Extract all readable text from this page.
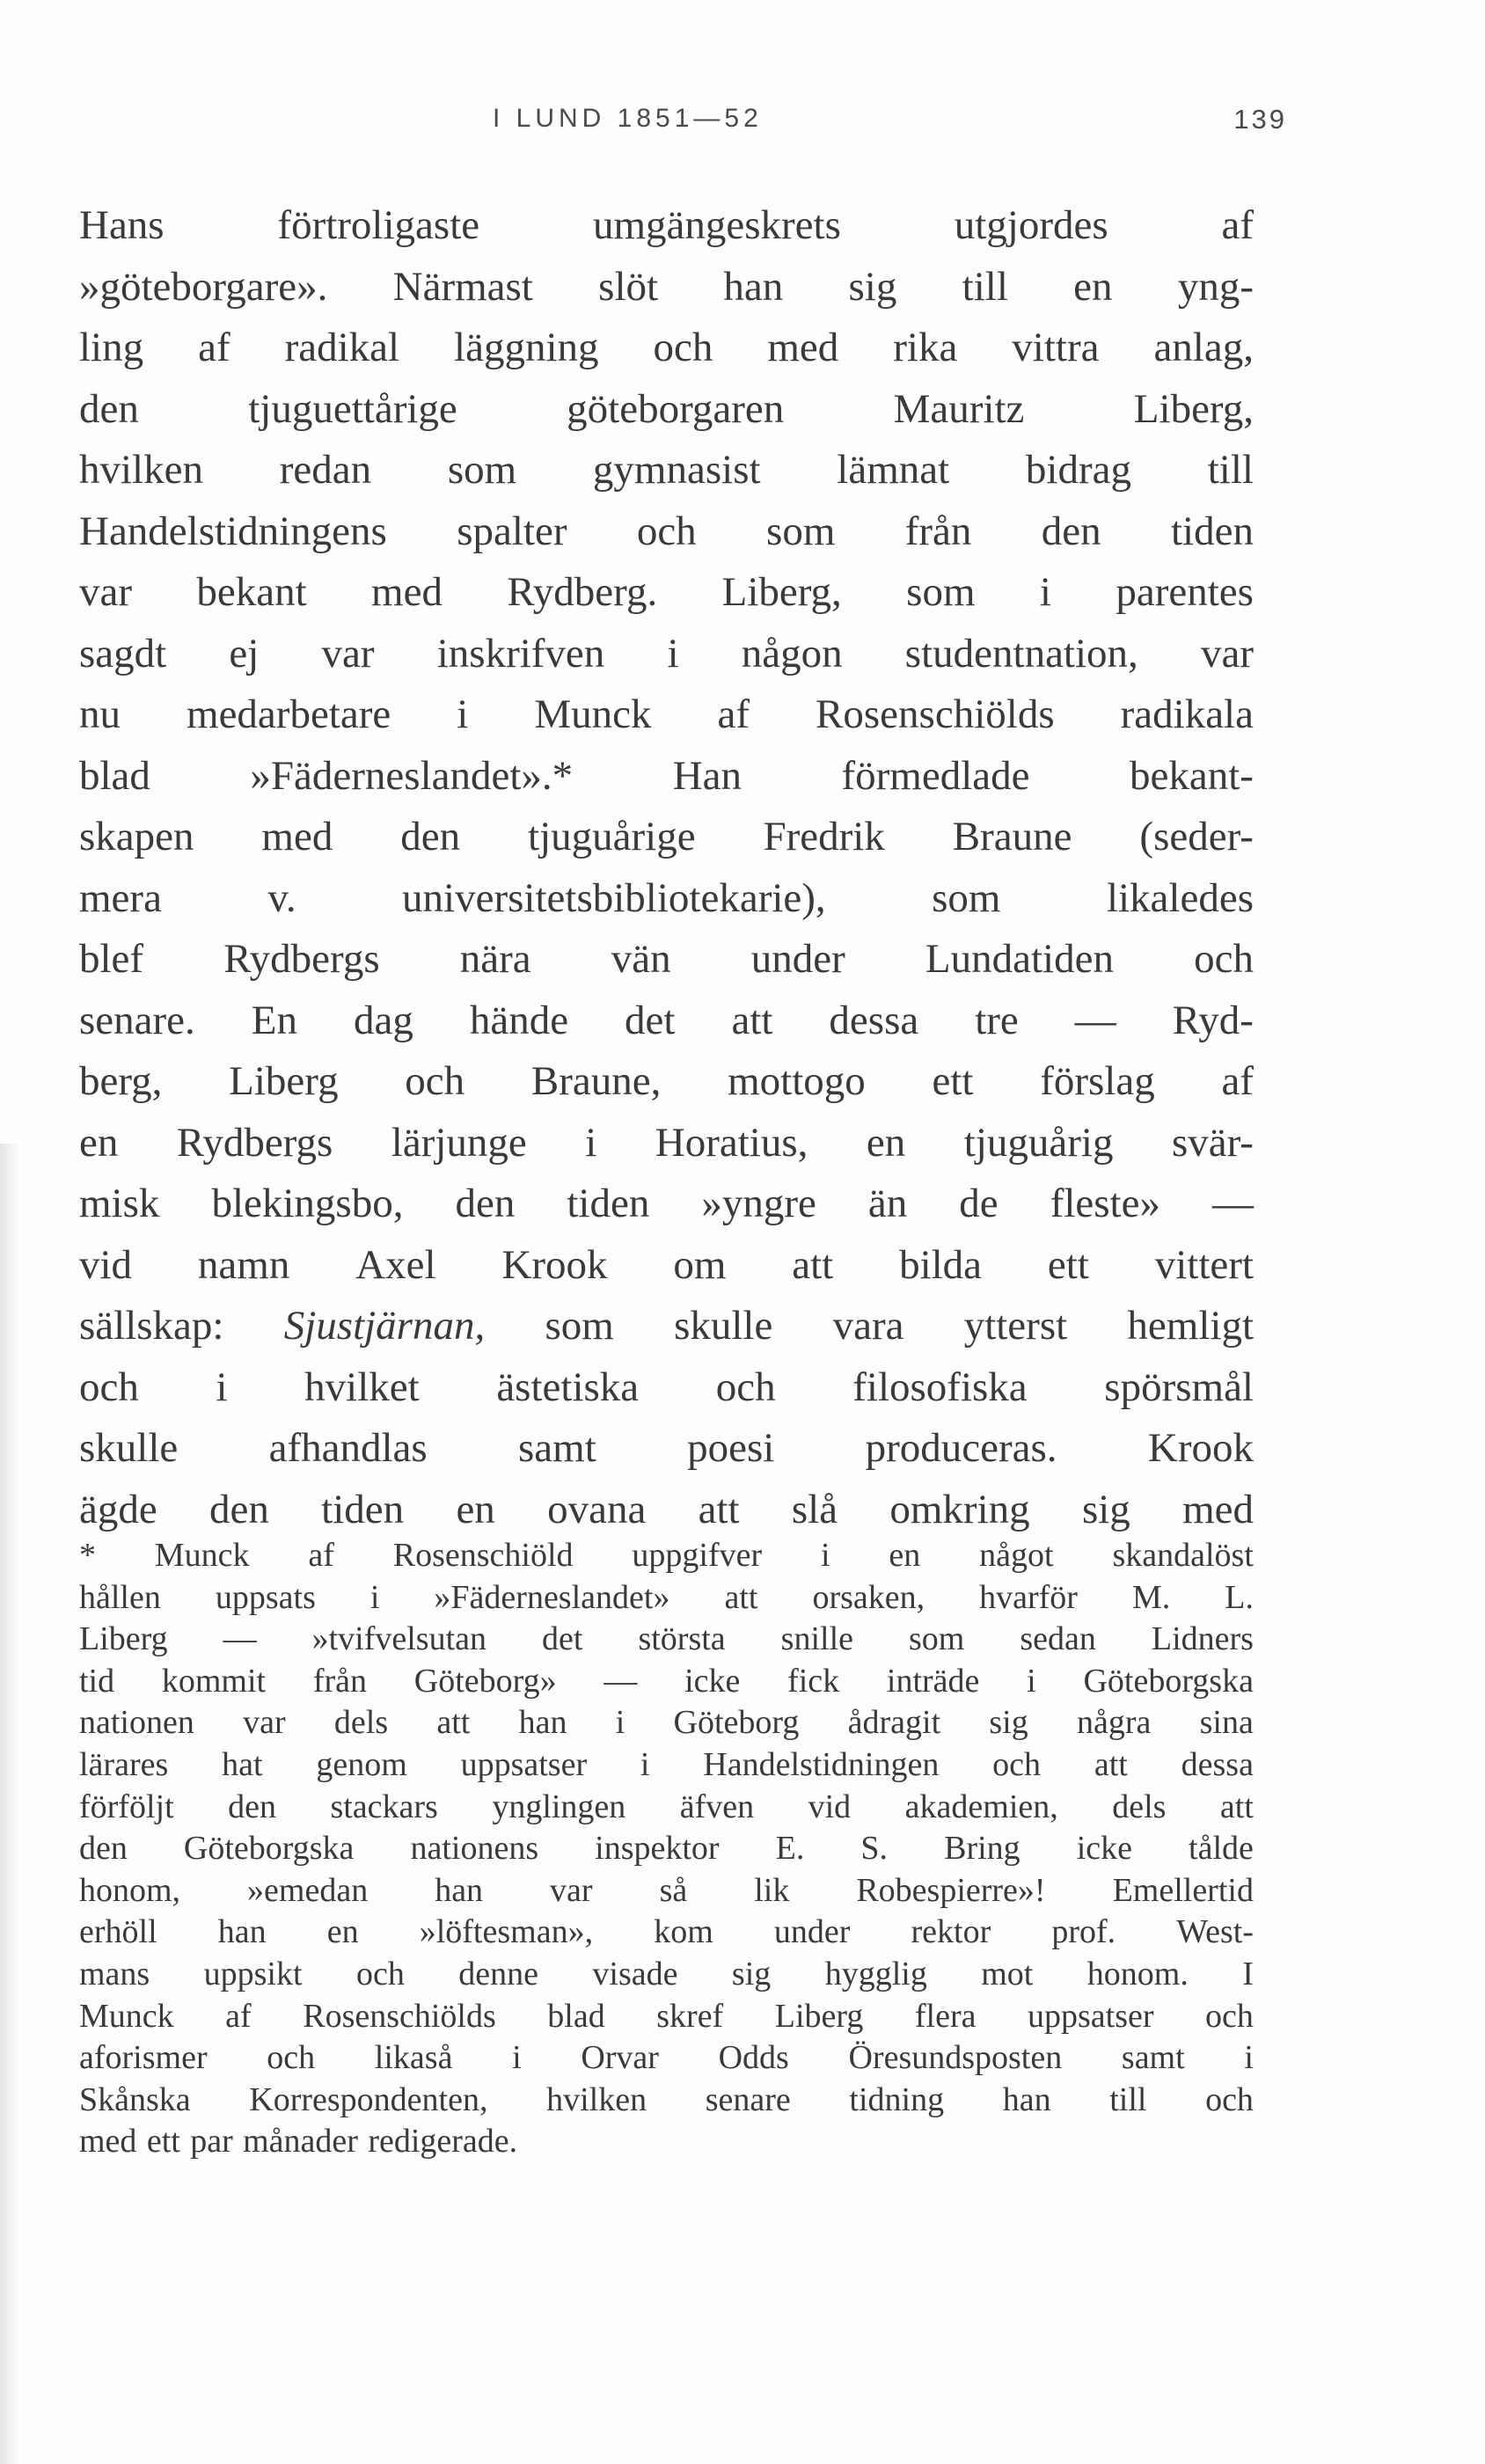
I LUND 1851—52	139
Hans	förtroligaste	umgängeskrets	utgjordes	af
»göteborgare». Närmast slöt han sig till en yng-
ling af radikal läggning och med rika vittra anlag,
den	tjuguettårige	göteborgaren	Mauritz	Liberg,
hvilken redan som gymnasist lämnat bidrag till
Handelstidningens spalter och som från den tiden
var bekant med Rydberg. Liberg, som i parentes
sagdt ej var inskrifven i någon studentnation, var
nu medarbetare i Munck af Rosenschiölds radikala
blad »Fäderneslandet».* Han förmedlade bekant-
skapen med den tjuguårige Fredrik Braune (seder-
mera	v.	universitetsbibliotekarie),	som	likaledes
blef Rydbergs nära vän under Lundatiden och
senare. En dag hände det att dessa tre — Ryd-
berg, Liberg och Braune, mottogo ett förslag af
en Rydbergs lärjunge i Horatius, en tjuguårig svär-
misk blekingsbo, den tiden »yngre än de fleste» —
vid namn Axel Krook om att bilda ett vittert
sällskap: Sjustjärnan, som skulle vara ytterst hemligt
och i hvilket ästetiska och filosofiska spörsmål
skulle afhandlas samt poesi produceras. Krook
ägde den tiden en ovana att slå omkring sig med
* Munck af Rosenschiöld uppgifver i en något skandalöst
hållen uppsats i »Fäderneslandet» att orsaken, hvarför M. L.
Liberg — »tvifvelsutan det största snille som sedan Lidners
tid kommit från Göteborg» — icke fick inträde i Göteborgska
nationen var dels att han i Göteborg ådragit sig några sina
lärares hat genom uppsatser i Handelstidningen och att dessa
förföljt den stackars ynglingen äfven vid akademien, dels att
den Göteborgska nationens inspektor E. S. Bring icke tålde
honom, »emedan han var så lik Robespierre»! Emellertid
erhöll han en »löftesman», kom under rektor prof. West-
mans uppsikt och denne visade sig hygglig mot honom. I
Munck af Rosenschiölds blad skref Liberg flera uppsatser och
aforismer och likaså i Orvar Odds Öresundsposten samt i
Skånska Korrespondenten, hvilken senare tidning han till och
med ett par månader redigerade.
